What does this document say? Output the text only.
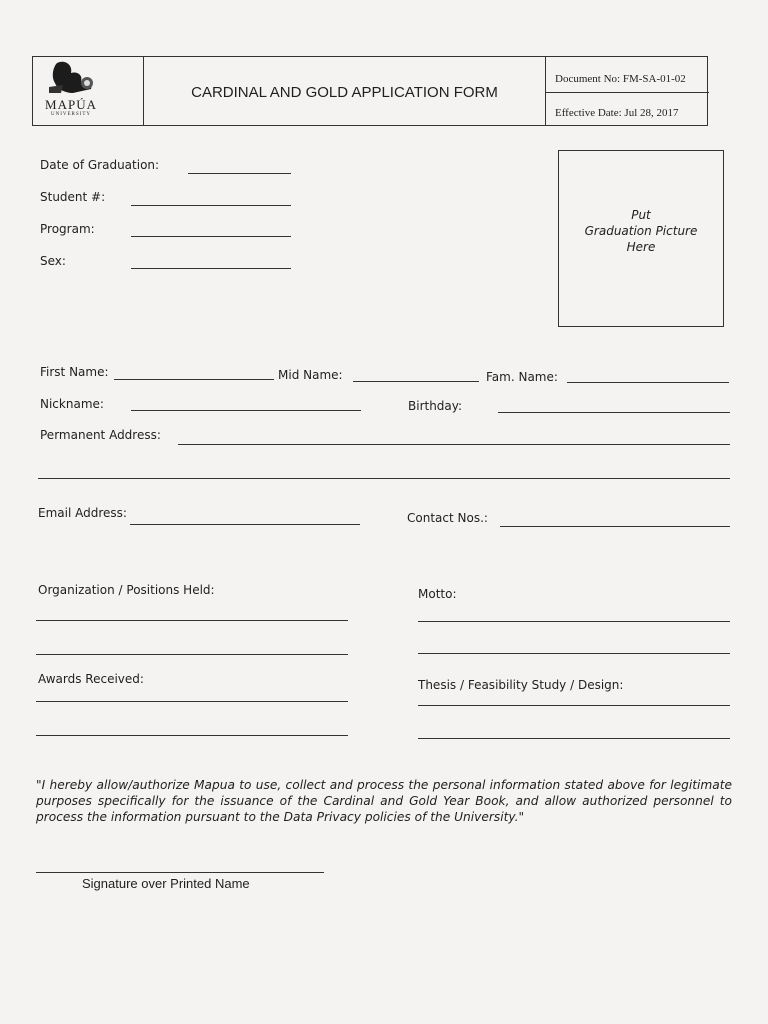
MAPÚA
UNIVERSITY
CARDINAL AND GOLD APPLICATION FORM
Document No: FM-SA-01-02
Effective Date: Jul 28, 2017
Date of Graduation:
Student #:
Program:
Sex:
Put
Graduation Picture
Here
First Name:	Mid Name:	Fam. Name:
Nickname:	Birthday:
Permanent Address:
Email Address:	Contact Nos.:
Organization / Positions Held:	Motto:
Awards Received:	Thesis / Feasibility Study / Design:
"I hereby allow/authorize Mapua to use, collect and process the personal information stated above for legitimate purposes specifically for the issuance of the Cardinal and Gold Year Book, and allow authorized personnel to process the information pursuant to the Data Privacy policies of the University."
Signature over Printed Name
